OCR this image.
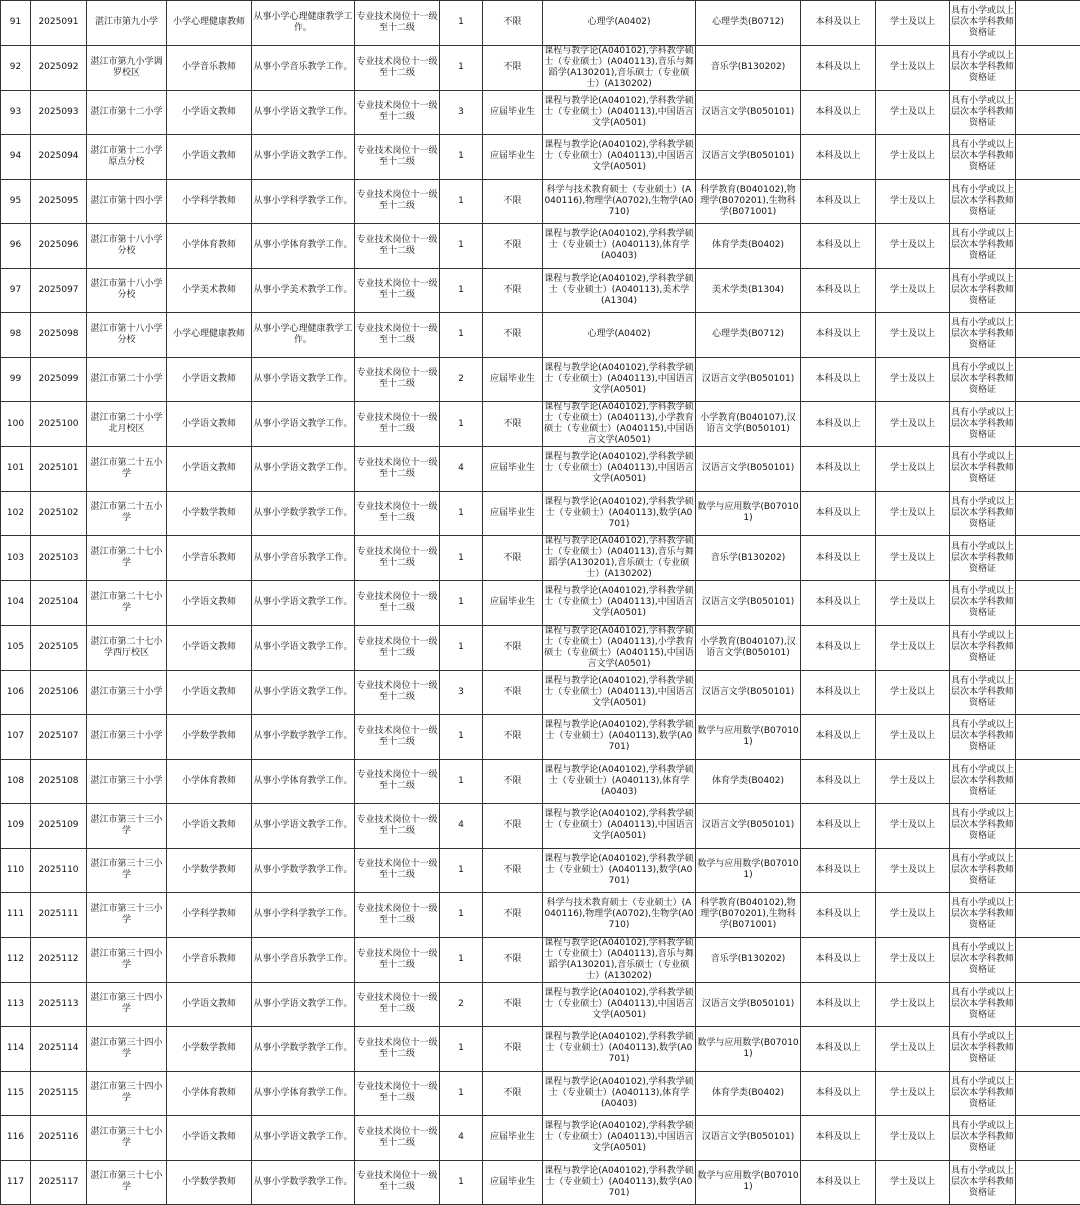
91	2025091	湛江市第九小学	小学心理健康教师	从事小学心理健康教学工作。	专业技术岗位十一级至十二级	1	不限	心理学(A0402)	心理学类(B0712)	本科及以上	学士及以上	具有小学或以上层次本学科教师资格证	
92	2025092	湛江市第九小学调罗校区	小学音乐教师	从事小学音乐教学工作。	专业技术岗位十一级至十二级	1	不限	课程与教学论(A040102),学科教学硕士（专业硕士）(A040113),音乐与舞蹈学(A130201),音乐硕士（专业硕士）(A130202)	音乐学(B130202)	本科及以上	学士及以上	具有小学或以上层次本学科教师资格证	
93	2025093	湛江市第十二小学	小学语文教师	从事小学语文教学工作。	专业技术岗位十一级至十二级	3	应届毕业生	课程与教学论(A040102),学科教学硕士（专业硕士）(A040113),中国语言文学(A0501)	汉语言文学(B050101)	本科及以上	学士及以上	具有小学或以上层次本学科教师资格证	
94	2025094	湛江市第十二小学原点分校	小学语文教师	从事小学语文教学工作。	专业技术岗位十一级至十二级	1	应届毕业生	课程与教学论(A040102),学科教学硕士（专业硕士）(A040113),中国语言文学(A0501)	汉语言文学(B050101)	本科及以上	学士及以上	具有小学或以上层次本学科教师资格证	
95	2025095	湛江市第十四小学	小学科学教师	从事小学科学教学工作。	专业技术岗位十一级至十二级	1	不限	科学与技术教育硕士（专业硕士）(A040116),物理学(A0702),生物学(A0710)	科学教育(B040102),物理学(B070201),生物科学(B071001)	本科及以上	学士及以上	具有小学或以上层次本学科教师资格证	
96	2025096	湛江市第十八小学分校	小学体育教师	从事小学体育教学工作。	专业技术岗位十一级至十二级	1	不限	课程与教学论(A040102),学科教学硕士（专业硕士）(A040113),体育学(A0403)	体育学类(B0402)	本科及以上	学士及以上	具有小学或以上层次本学科教师资格证	
97	2025097	湛江市第十八小学分校	小学美术教师	从事小学美术教学工作。	专业技术岗位十一级至十二级	1	不限	课程与教学论(A040102),学科教学硕士（专业硕士）(A040113),美术学(A1304)	美术学类(B1304)	本科及以上	学士及以上	具有小学或以上层次本学科教师资格证	
98	2025098	湛江市第十八小学分校	小学心理健康教师	从事小学心理健康教学工作。	专业技术岗位十一级至十二级	1	不限	心理学(A0402)	心理学类(B0712)	本科及以上	学士及以上	具有小学或以上层次本学科教师资格证	
99	2025099	湛江市第二十小学	小学语文教师	从事小学语文教学工作。	专业技术岗位十一级至十二级	2	应届毕业生	课程与教学论(A040102),学科教学硕士（专业硕士）(A040113),中国语言文学(A0501)	汉语言文学(B050101)	本科及以上	学士及以上	具有小学或以上层次本学科教师资格证	
100	2025100	湛江市第二十小学北月校区	小学语文教师	从事小学语文教学工作。	专业技术岗位十一级至十二级	1	不限	课程与教学论(A040102),学科教学硕士（专业硕士）(A040113),小学教育硕士（专业硕士）(A040115),中国语言文学(A0501)	小学教育(B040107),汉语言文学(B050101)	本科及以上	学士及以上	具有小学或以上层次本学科教师资格证	
101	2025101	湛江市第二十五小学	小学语文教师	从事小学语文教学工作。	专业技术岗位十一级至十二级	4	应届毕业生	课程与教学论(A040102),学科教学硕士（专业硕士）(A040113),中国语言文学(A0501)	汉语言文学(B050101)	本科及以上	学士及以上	具有小学或以上层次本学科教师资格证	
102	2025102	湛江市第二十五小学	小学数学教师	从事小学数学教学工作。	专业技术岗位十一级至十二级	1	应届毕业生	课程与教学论(A040102),学科教学硕士（专业硕士）(A040113),数学(A0701)	数学与应用数学(B070101)	本科及以上	学士及以上	具有小学或以上层次本学科教师资格证	
103	2025103	湛江市第二十七小学	小学音乐教师	从事小学音乐教学工作。	专业技术岗位十一级至十二级	1	不限	课程与教学论(A040102),学科教学硕士（专业硕士）(A040113),音乐与舞蹈学(A130201),音乐硕士（专业硕士）(A130202)	音乐学(B130202)	本科及以上	学士及以上	具有小学或以上层次本学科教师资格证	
104	2025104	湛江市第二十七小学	小学语文教师	从事小学语文教学工作。	专业技术岗位十一级至十二级	1	应届毕业生	课程与教学论(A040102),学科教学硕士（专业硕士）(A040113),中国语言文学(A0501)	汉语言文学(B050101)	本科及以上	学士及以上	具有小学或以上层次本学科教师资格证	
105	2025105	湛江市第二十七小学西厅校区	小学语文教师	从事小学语文教学工作。	专业技术岗位十一级至十二级	1	不限	课程与教学论(A040102),学科教学硕士（专业硕士）(A040113),小学教育硕士（专业硕士）(A040115),中国语言文学(A0501)	小学教育(B040107),汉语言文学(B050101)	本科及以上	学士及以上	具有小学或以上层次本学科教师资格证	
106	2025106	湛江市第三十小学	小学语文教师	从事小学语文教学工作。	专业技术岗位十一级至十二级	3	不限	课程与教学论(A040102),学科教学硕士（专业硕士）(A040113),中国语言文学(A0501)	汉语言文学(B050101)	本科及以上	学士及以上	具有小学或以上层次本学科教师资格证	
107	2025107	湛江市第三十小学	小学数学教师	从事小学数学教学工作。	专业技术岗位十一级至十二级	1	不限	课程与教学论(A040102),学科教学硕士（专业硕士）(A040113),数学(A0701)	数学与应用数学(B070101)	本科及以上	学士及以上	具有小学或以上层次本学科教师资格证	
108	2025108	湛江市第三十小学	小学体育教师	从事小学体育教学工作。	专业技术岗位十一级至十二级	1	不限	课程与教学论(A040102),学科教学硕士（专业硕士）(A040113),体育学(A0403)	体育学类(B0402)	本科及以上	学士及以上	具有小学或以上层次本学科教师资格证	
109	2025109	湛江市第三十三小学	小学语文教师	从事小学语文教学工作。	专业技术岗位十一级至十二级	4	不限	课程与教学论(A040102),学科教学硕士（专业硕士）(A040113),中国语言文学(A0501)	汉语言文学(B050101)	本科及以上	学士及以上	具有小学或以上层次本学科教师资格证	
110	2025110	湛江市第三十三小学	小学数学教师	从事小学数学教学工作。	专业技术岗位十一级至十二级	1	不限	课程与教学论(A040102),学科教学硕士（专业硕士）(A040113),数学(A0701)	数学与应用数学(B070101)	本科及以上	学士及以上	具有小学或以上层次本学科教师资格证	
111	2025111	湛江市第三十三小学	小学科学教师	从事小学科学教学工作。	专业技术岗位十一级至十二级	1	不限	科学与技术教育硕士（专业硕士）(A040116),物理学(A0702),生物学(A0710)	科学教育(B040102),物理学(B070201),生物科学(B071001)	本科及以上	学士及以上	具有小学或以上层次本学科教师资格证	
112	2025112	湛江市第三十四小学	小学音乐教师	从事小学音乐教学工作。	专业技术岗位十一级至十二级	1	不限	课程与教学论(A040102),学科教学硕士（专业硕士）(A040113),音乐与舞蹈学(A130201),音乐硕士（专业硕士）(A130202)	音乐学(B130202)	本科及以上	学士及以上	具有小学或以上层次本学科教师资格证	
113	2025113	湛江市第三十四小学	小学语文教师	从事小学语文教学工作。	专业技术岗位十一级至十二级	2	不限	课程与教学论(A040102),学科教学硕士（专业硕士）(A040113),中国语言文学(A0501)	汉语言文学(B050101)	本科及以上	学士及以上	具有小学或以上层次本学科教师资格证	
114	2025114	湛江市第三十四小学	小学数学教师	从事小学数学教学工作。	专业技术岗位十一级至十二级	1	不限	课程与教学论(A040102),学科教学硕士（专业硕士）(A040113),数学(A0701)	数学与应用数学(B070101)	本科及以上	学士及以上	具有小学或以上层次本学科教师资格证	
115	2025115	湛江市第三十四小学	小学体育教师	从事小学体育教学工作。	专业技术岗位十一级至十二级	1	不限	课程与教学论(A040102),学科教学硕士（专业硕士）(A040113),体育学(A0403)	体育学类(B0402)	本科及以上	学士及以上	具有小学或以上层次本学科教师资格证	
116	2025116	湛江市第三十七小学	小学语文教师	从事小学语文教学工作。	专业技术岗位十一级至十二级	4	应届毕业生	课程与教学论(A040102),学科教学硕士（专业硕士）(A040113),中国语言文学(A0501)	汉语言文学(B050101)	本科及以上	学士及以上	具有小学或以上层次本学科教师资格证	
117	2025117	湛江市第三十七小学	小学数学教师	从事小学数学教学工作。	专业技术岗位十一级至十二级	1	应届毕业生	课程与教学论(A040102),学科教学硕士（专业硕士）(A040113),数学(A0701)	数学与应用数学(B070101)	本科及以上	学士及以上	具有小学或以上层次本学科教师资格证	
